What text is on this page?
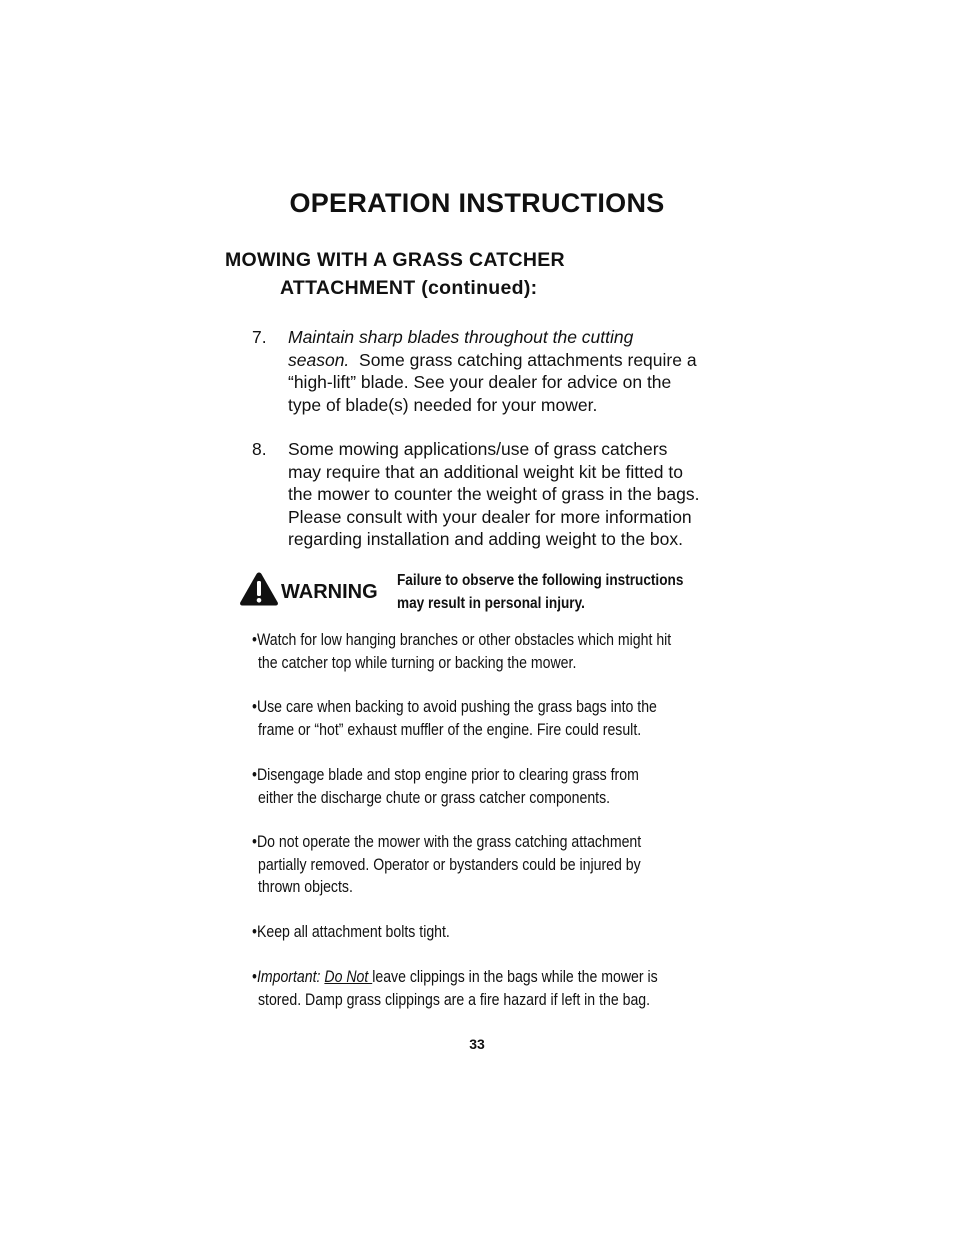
OPERATION INSTRUCTIONS
MOWING WITH A GRASS CATCHER
ATTACHMENT (continued):
7. Maintain sharp blades throughout the cutting
season.  Some grass catching attachments require a
“high-lift” blade. See your dealer for advice on the
type of blade(s) needed for your mower.
8. Some mowing applications/use of grass catchers
may require that an additional weight kit be fitted to
the mower to counter the weight of grass in the bags.
Please consult with your dealer for more information
regarding installation and adding weight to the box.
WARNING
Failure to observe the following instructions
may result in personal injury.
•Watch for low hanging branches or other obstacles which might hit
the catcher top while turning or backing the mower.
•Use care when backing to avoid pushing the grass bags into the
frame or “hot” exhaust muffler of the engine. Fire could result.
•Disengage blade and stop engine prior to clearing grass from
either the discharge chute or grass catcher components.
•Do not operate the mower with the grass catching attachment
partially removed. Operator or bystanders could be injured by
thrown objects.
•Keep all attachment bolts tight.
•Important: Do Not leave clippings in the bags while the mower is
stored. Damp grass clippings are a fire hazard if left in the bag.
33
